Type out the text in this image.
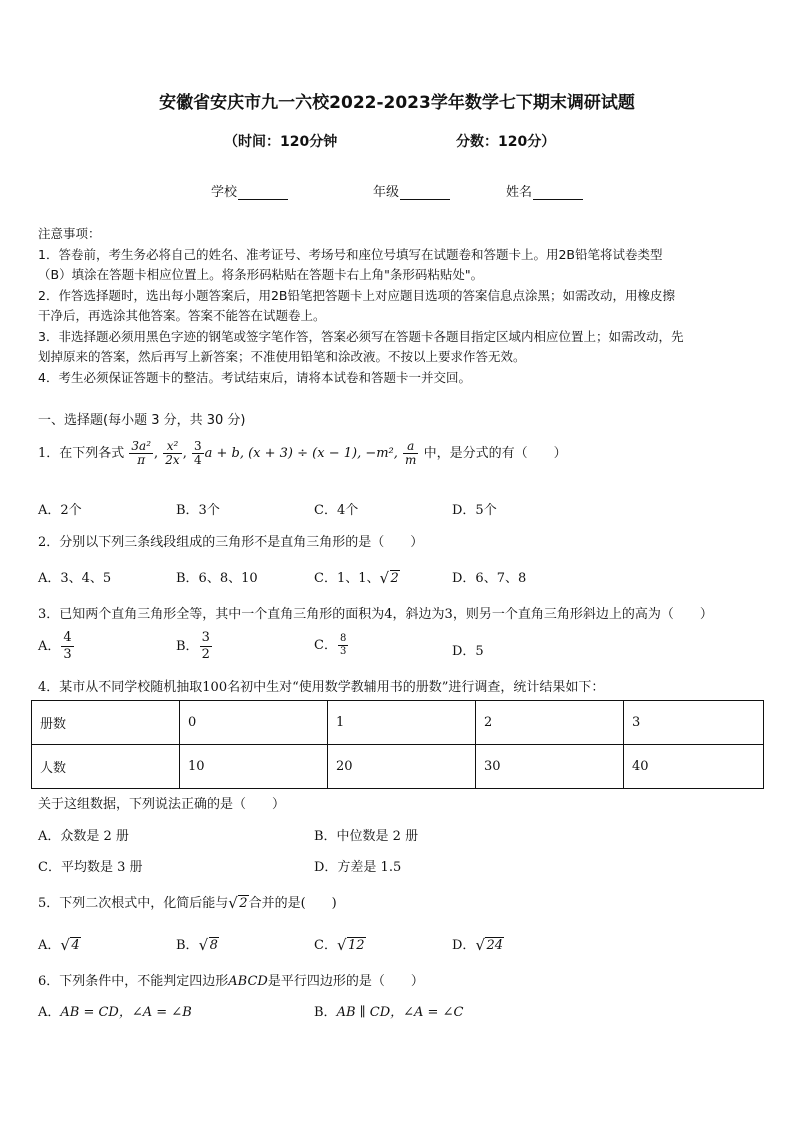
安徽省安庆市九一六校2022-2023学年数学七下期末调研试题
（时间：120分钟	分数：120分）
学校	年级	姓名

注意事项：

1．答卷前，考生务必将自己的姓名、准考证号、考场号和座位号填写在试题卷和答题卡上。用2B铅笔将试卷类型

（B）填涂在答题卡相应位置上。将条形码粘贴在答题卡右上角"条形码粘贴处"。

2．作答选择题时，选出每小题答案后，用2B铅笔把答题卡上对应题目选项的答案信息点涂黑；如需改动，用橡皮擦

干净后，再选涂其他答案。答案不能答在试题卷上。

3．非选择题必须用黑色字迹的钢笔或签字笔作答，答案必须写在答题卡各题目指定区域内相应位置上；如需改动，先

划掉原来的答案，然后再写上新答案；不准使用铅笔和涂改液。不按以上要求作答无效。

4．考生必须保证答题卡的整洁。考试结束后，请将本试卷和答题卡一并交回。

一、选择题(每小题 3 分，共 30 分)
1．在下列各式 $\frac{\text{3a²}}{\pi}$ , $\frac{\text{x²}}{2x}$ , $\frac{3}{4}$ a + b, (x + 3) ÷ (x − 1), −m², $\frac{a}{m}$ 中，是分式的有（　　）
A．2个	B．3个	C．4个	D．5个
2．分别以下列三条线段组成的三角形不是直角三角形的是（　　）
A．3、4、5	B．6、8、10	C．1、1、 √ 2	D．6、7、8
3．已知两个直角三角形全等，其中一个直角三角形的面积为4，斜边为3，则另一个直角三角形斜边上的高为（　　）
A． $\frac{4}{3}$	B． $\frac{3}{2}$	C． $\frac{8}{3}$	D．5
4．某市从不同学校随机抽取100名初中生对“使用数学教辅用书的册数”进行调查，统计结果如下：
册数	0	1	2	3
人数	10	20	30	40
关于这组数据，下列说法正确的是（　　）
A．众数是 2 册	B．中位数是 2 册
C．平均数是 3 册	D．方差是 1.5
5．下列二次根式中，化简后能与 √ 2合并的是(　　)
A． √ 4	B． √ 8	C． √ 12	D． √ 24
6．下列条件中，不能判定四边形ABCD是平行四边形的是（　　）
A．AB = CD，∠A = ∠B	B．AB ∥ CD，∠A = ∠C
